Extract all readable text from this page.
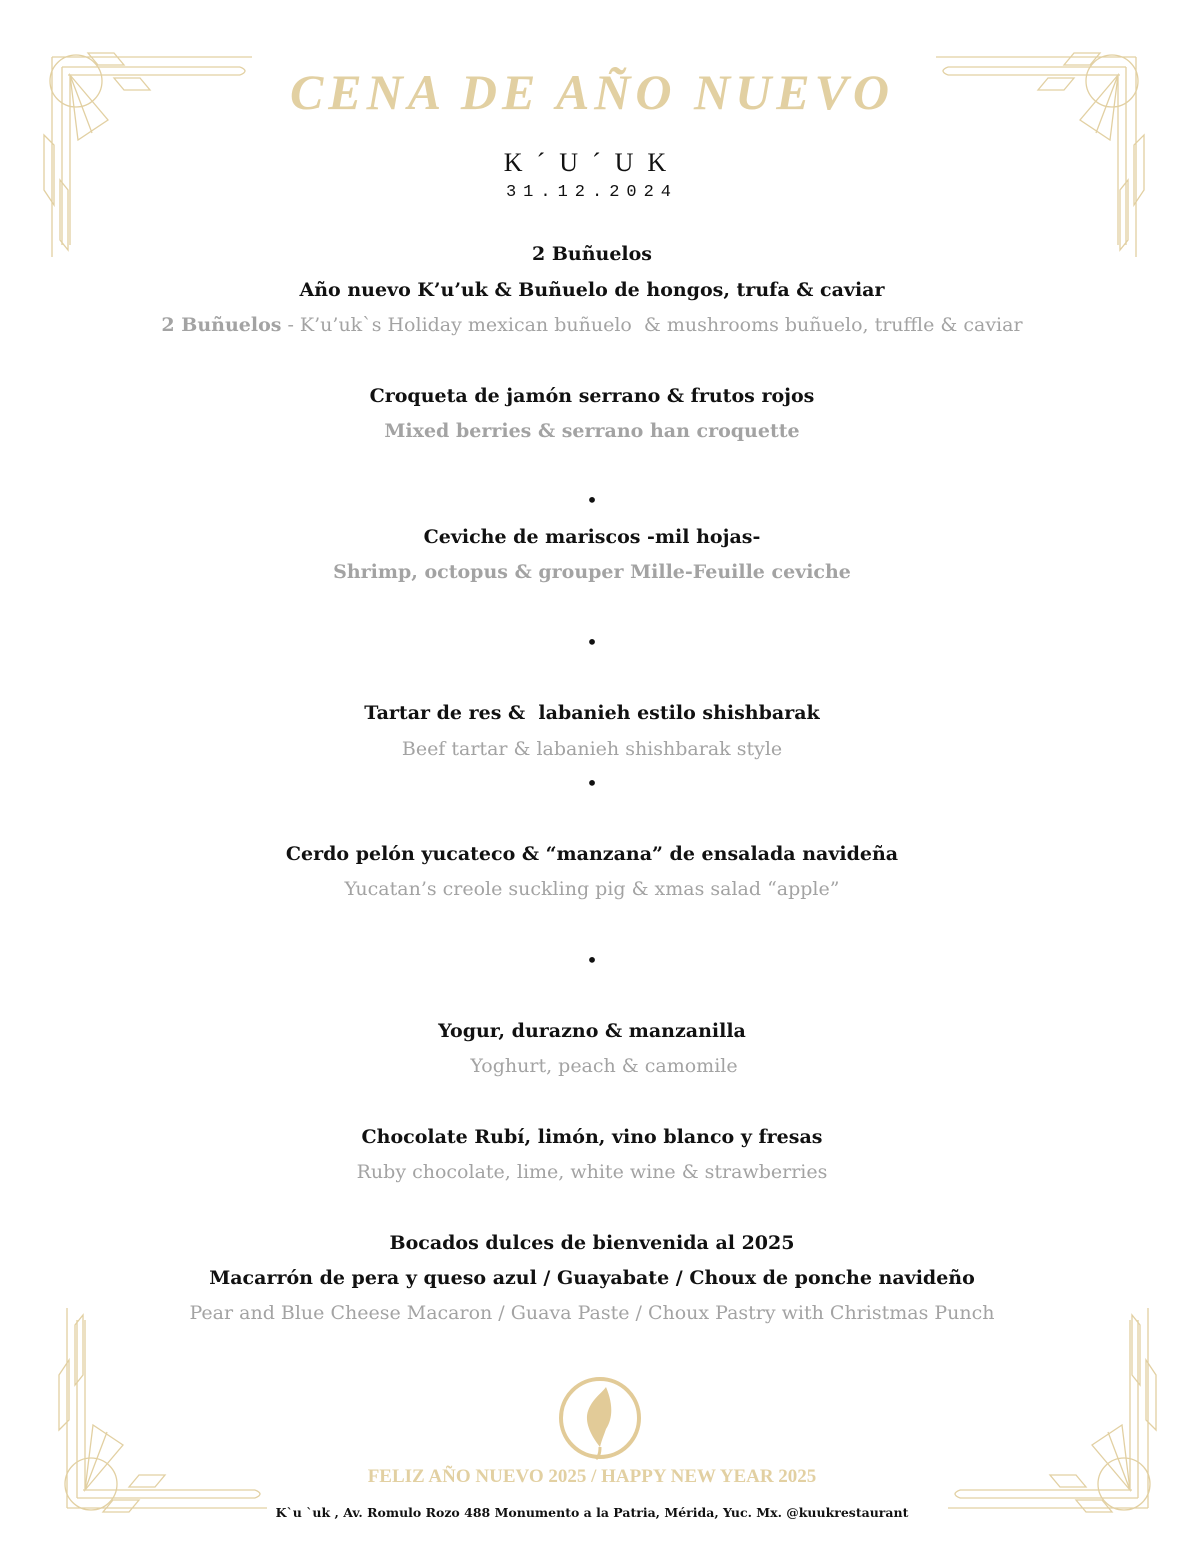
CENA DE AÑO NUEVO
K´U´UK
31.12.2024
2 Buñuelos
Año nuevo K’u’uk & Buñuelo de hongos, trufa & caviar
2 Buñuelos - K’u’uk`s Holiday mexican buñuelo  & mushrooms buñuelo, truffle & caviar
Croqueta de jamón serrano & frutos rojos
Mixed berries & serrano han croquette
•
Ceviche de mariscos -mil hojas-
Shrimp, octopus & grouper Mille-Feuille ceviche
•
Tartar de res &  labanieh estilo shishbarak
Beef tartar & labanieh shishbarak style
•
Cerdo pelón yucateco & “manzana” de ensalada navideña
Yucatan’s creole suckling pig & xmas salad “apple”
•
Yogur, durazno & manzanilla
Yoghurt, peach & camomile
Chocolate Rubí, limón, vino blanco y fresas
Ruby chocolate, lime, white wine & strawberries
Bocados dulces de bienvenida al 2025
Macarrón de pera y queso azul / Guayabate / Choux de ponche navideño
Pear and Blue Cheese Macaron / Guava Paste / Choux Pastry with Christmas Punch
FELIZ AÑO NUEVO 2025 / HAPPY NEW YEAR 2025
K`u `uk , Av. Romulo Rozo 488 Monumento a la Patria, Mérida, Yuc. Mx. @kuukrestaurant
